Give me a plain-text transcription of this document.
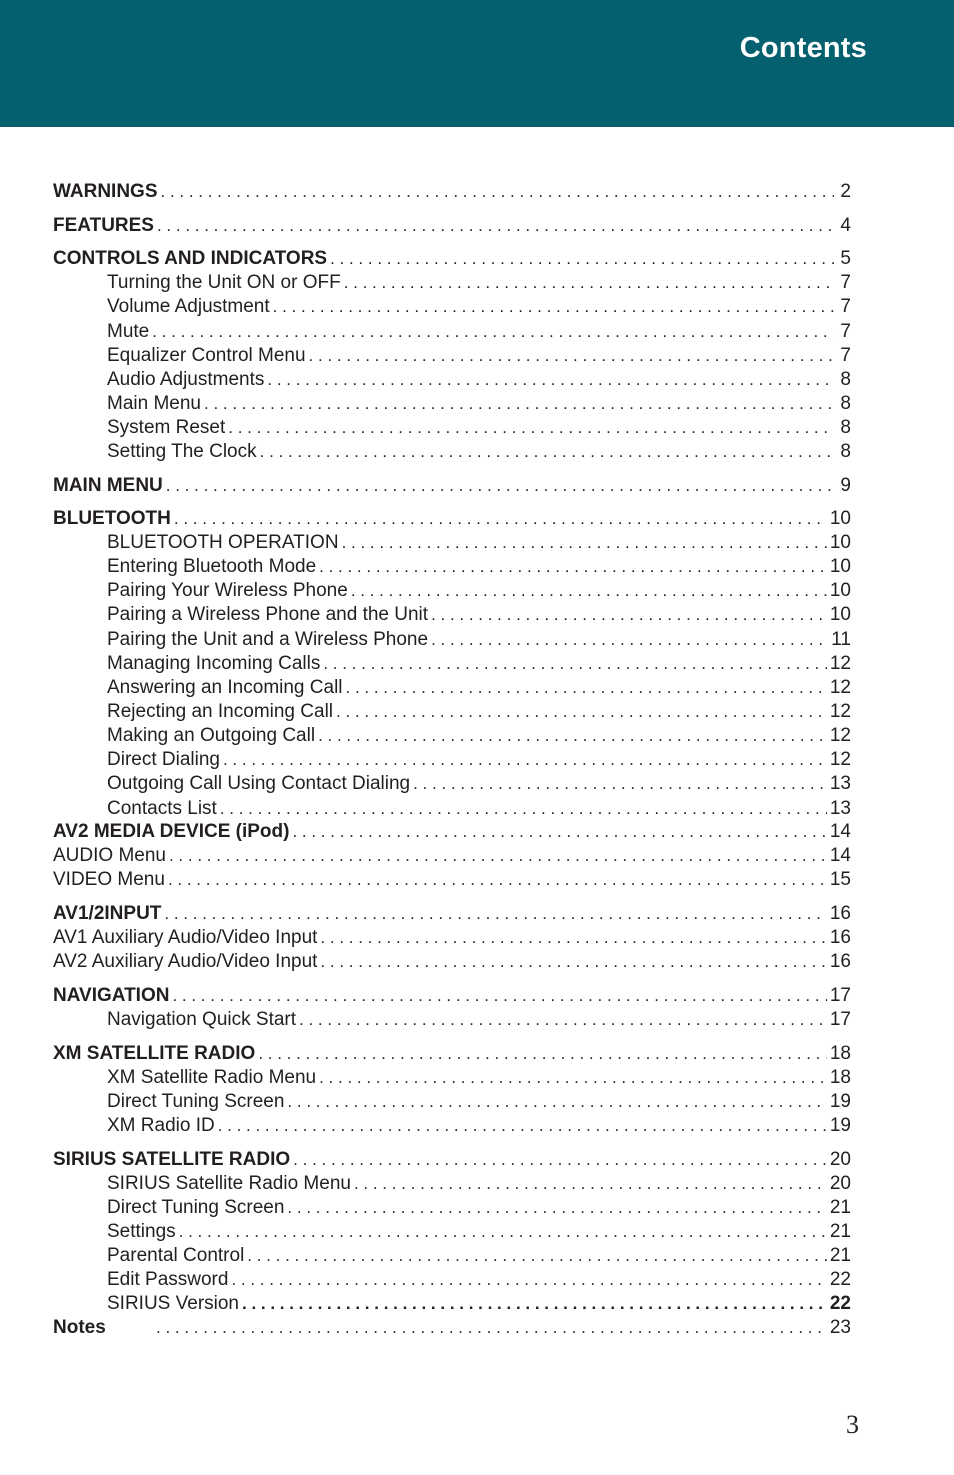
Contents
WARNINGS . . .	2
FEATURES . . .	4
CONTROLS AND INDICATORS . . .	5
Turning the Unit ON or OFF . . .	7
Volume Adjustment . . .	7
Mute . . .	7
Equalizer Control Menu . . .	7
Audio Adjustments . . .	8
Main Menu . . .	8
System Reset . . .	8
Setting The Clock . . .	8
MAIN MENU . . .	9
BLUETOOTH . . .	10
BLUETOOTH OPERATION . . .	10
Entering Bluetooth Mode . . .	10
Pairing Your Wireless Phone . . .	10
Pairing a Wireless Phone and the Unit . . .	10
Pairing the Unit and a Wireless Phone . . .	11
Managing Incoming Calls . . .	12
Answering an Incoming Call . . .	12
Rejecting an Incoming Call . . .	12
Making an Outgoing Call . . .	12
Direct Dialing . . .	12
Outgoing Call Using Contact Dialing . . .	13
Contacts List . . .	13
AV2 MEDIA DEVICE (iPod) . . .	14
AUDIO Menu . . .	14
VIDEO Menu . . .	15
AV1/2INPUT . . .	16
AV1 Auxiliary Audio/Video Input . . .	16
AV2 Auxiliary Audio/Video Input . . .	16
NAVIGATION . . .	17
Navigation Quick Start . . .	17
XM SATELLITE RADIO . . .	18
XM Satellite Radio Menu . . .	18
Direct Tuning Screen . . .	19
XM Radio ID . . .	19
SIRIUS SATELLITE RADIO . . .	20
SIRIUS Satellite Radio Menu . . .	20
Direct Tuning Screen . . .	21
Settings . . .	21
Parental Control . . .	21
Edit Password . . .	22
SIRIUS Version . . .	22
Notes . . .	23
3
